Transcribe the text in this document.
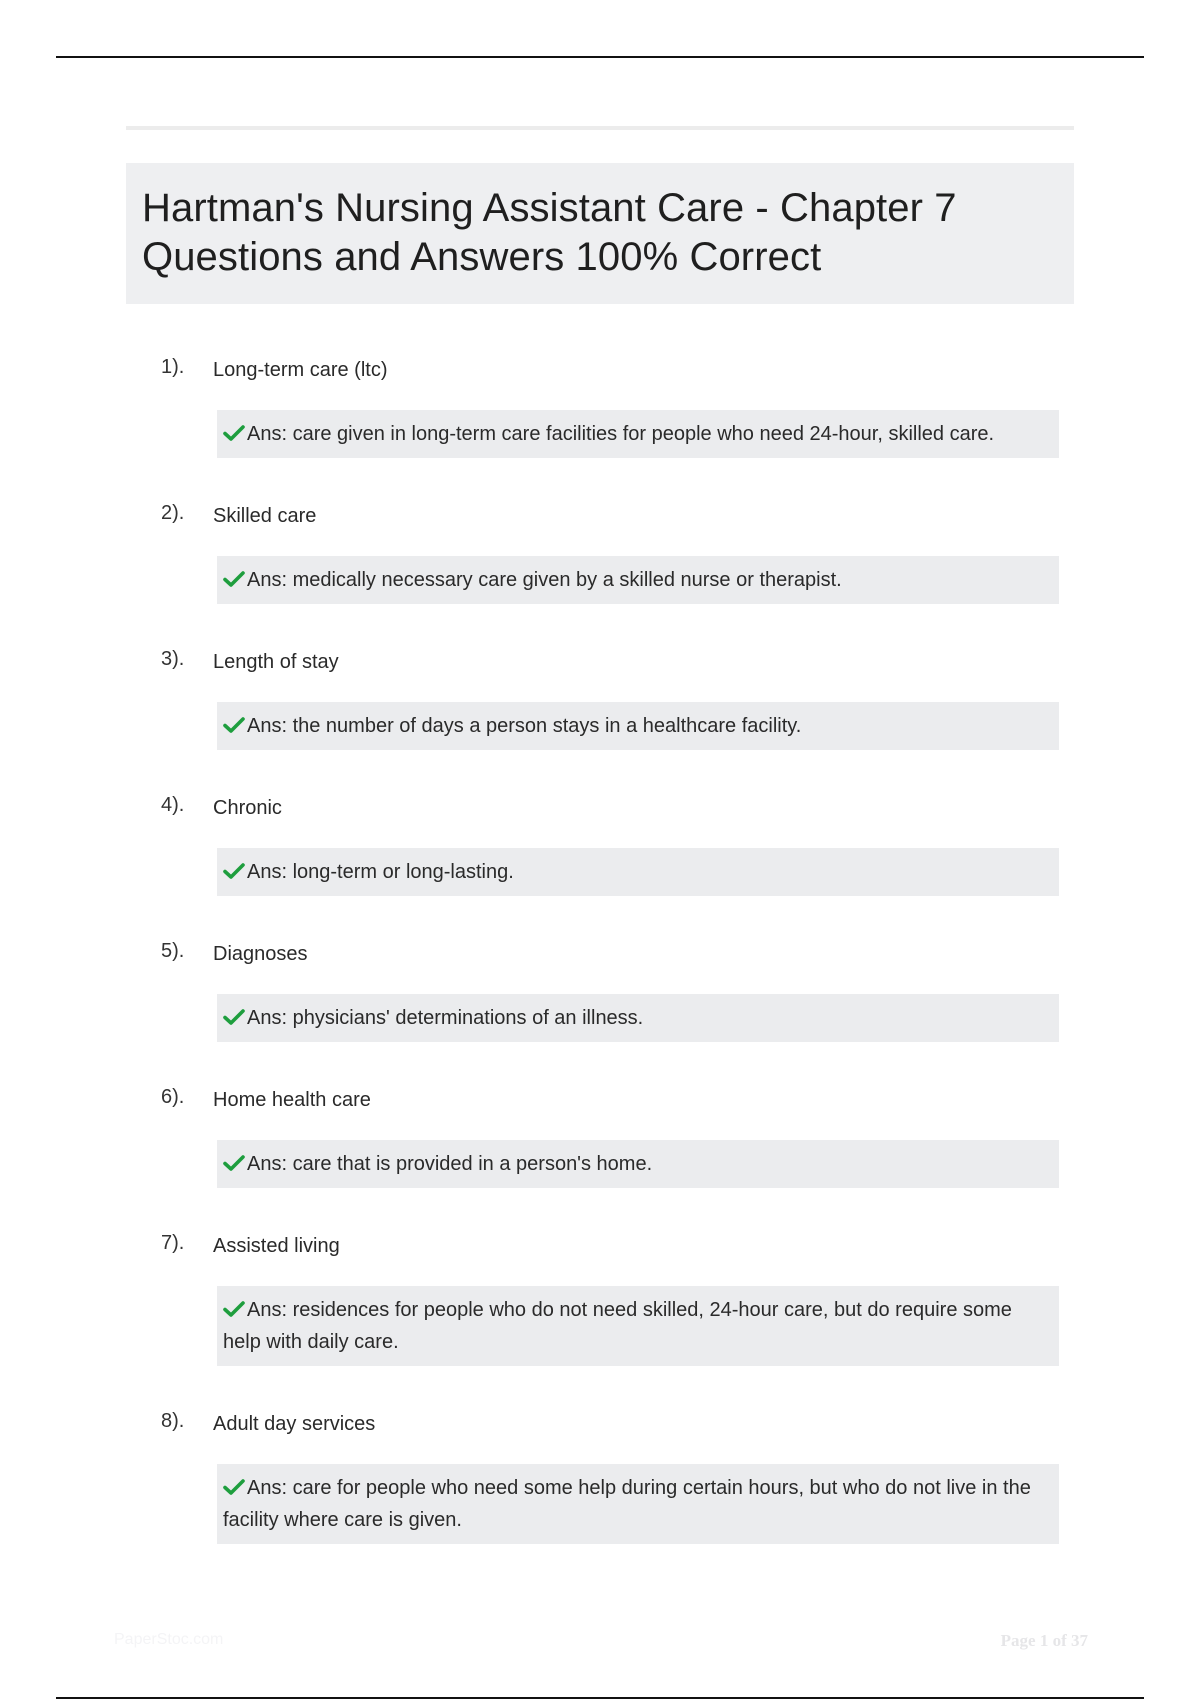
Hartman's Nursing Assistant Care - Chapter 7 Questions and Answers 100% Correct
1). Long-term care (ltc)
Ans: care given in long-term care facilities for people who need 24-hour, skilled care.
2). Skilled care
Ans: medically necessary care given by a skilled nurse or therapist.
3). Length of stay
Ans: the number of days a person stays in a healthcare facility.
4). Chronic
Ans: long-term or long-lasting.
5). Diagnoses
Ans: physicians' determinations of an illness.
6). Home health care
Ans: care that is provided in a person's home.
7). Assisted living
Ans: residences for people who do not need skilled, 24-hour care, but do require some help with daily care.
8). Adult day services
Ans: care for people who need some help during certain hours, but who do not live in the facility where care is given.
PaperStoc.com	Page 1 of 37
